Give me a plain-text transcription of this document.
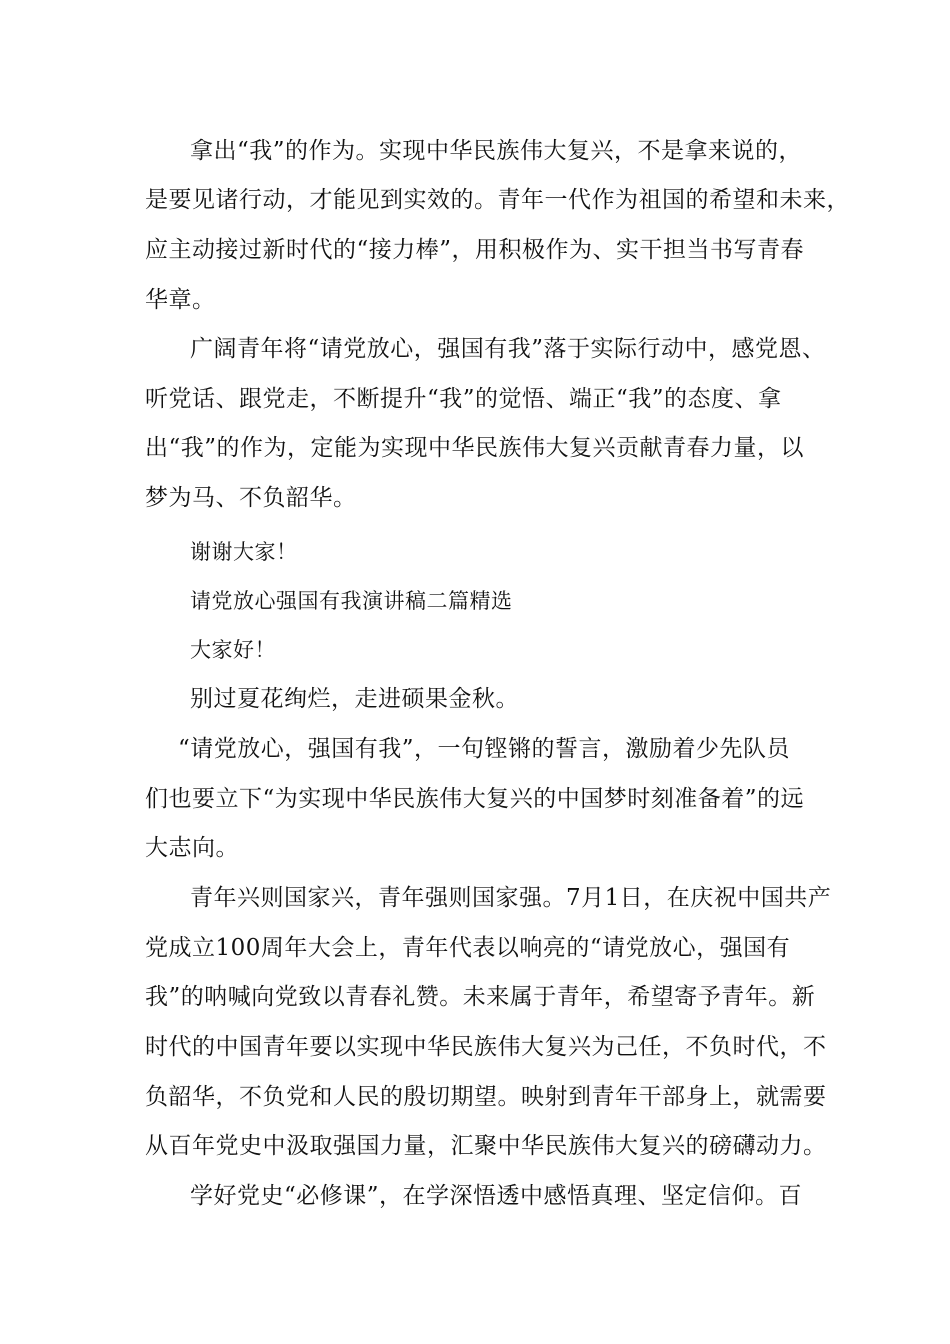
拿出“我”的作为。实现中华民族伟大复兴，不是拿来说的，
是要见诸行动，才能见到实效的。青年一代作为祖国的希望和未来，
应主动接过新时代的“接力棒”，用积极作为、实干担当书写青春
华章。
广阔青年将“请党放心，强国有我”落于实际行动中，感党恩、
听党话、跟党走，不断提升“我”的觉悟、端正“我”的态度、拿
出“我”的作为，定能为实现中华民族伟大复兴贡献青春力量，以
梦为马、不负韶华。
谢谢大家！
请党放心强国有我演讲稿二篇精选
大家好！
别过夏花绚烂，走进硕果金秋。
“请党放心，强国有我”，一句铿锵的誓言，激励着少先队员
们也要立下“为实现中华民族伟大复兴的中国梦时刻准备着”的远
大志向。
青年兴则国家兴，青年强则国家强。7月1日，在庆祝中国共产
党成立100周年大会上，青年代表以响亮的“请党放心，强国有
我”的呐喊向党致以青春礼赞。未来属于青年，希望寄予青年。新
时代的中国青年要以实现中华民族伟大复兴为己任，不负时代，不
负韶华，不负党和人民的殷切期望。映射到青年干部身上，就需要
从百年党史中汲取强国力量，汇聚中华民族伟大复兴的磅礴动力。
学好党史“必修课”，在学深悟透中感悟真理、坚定信仰。百
